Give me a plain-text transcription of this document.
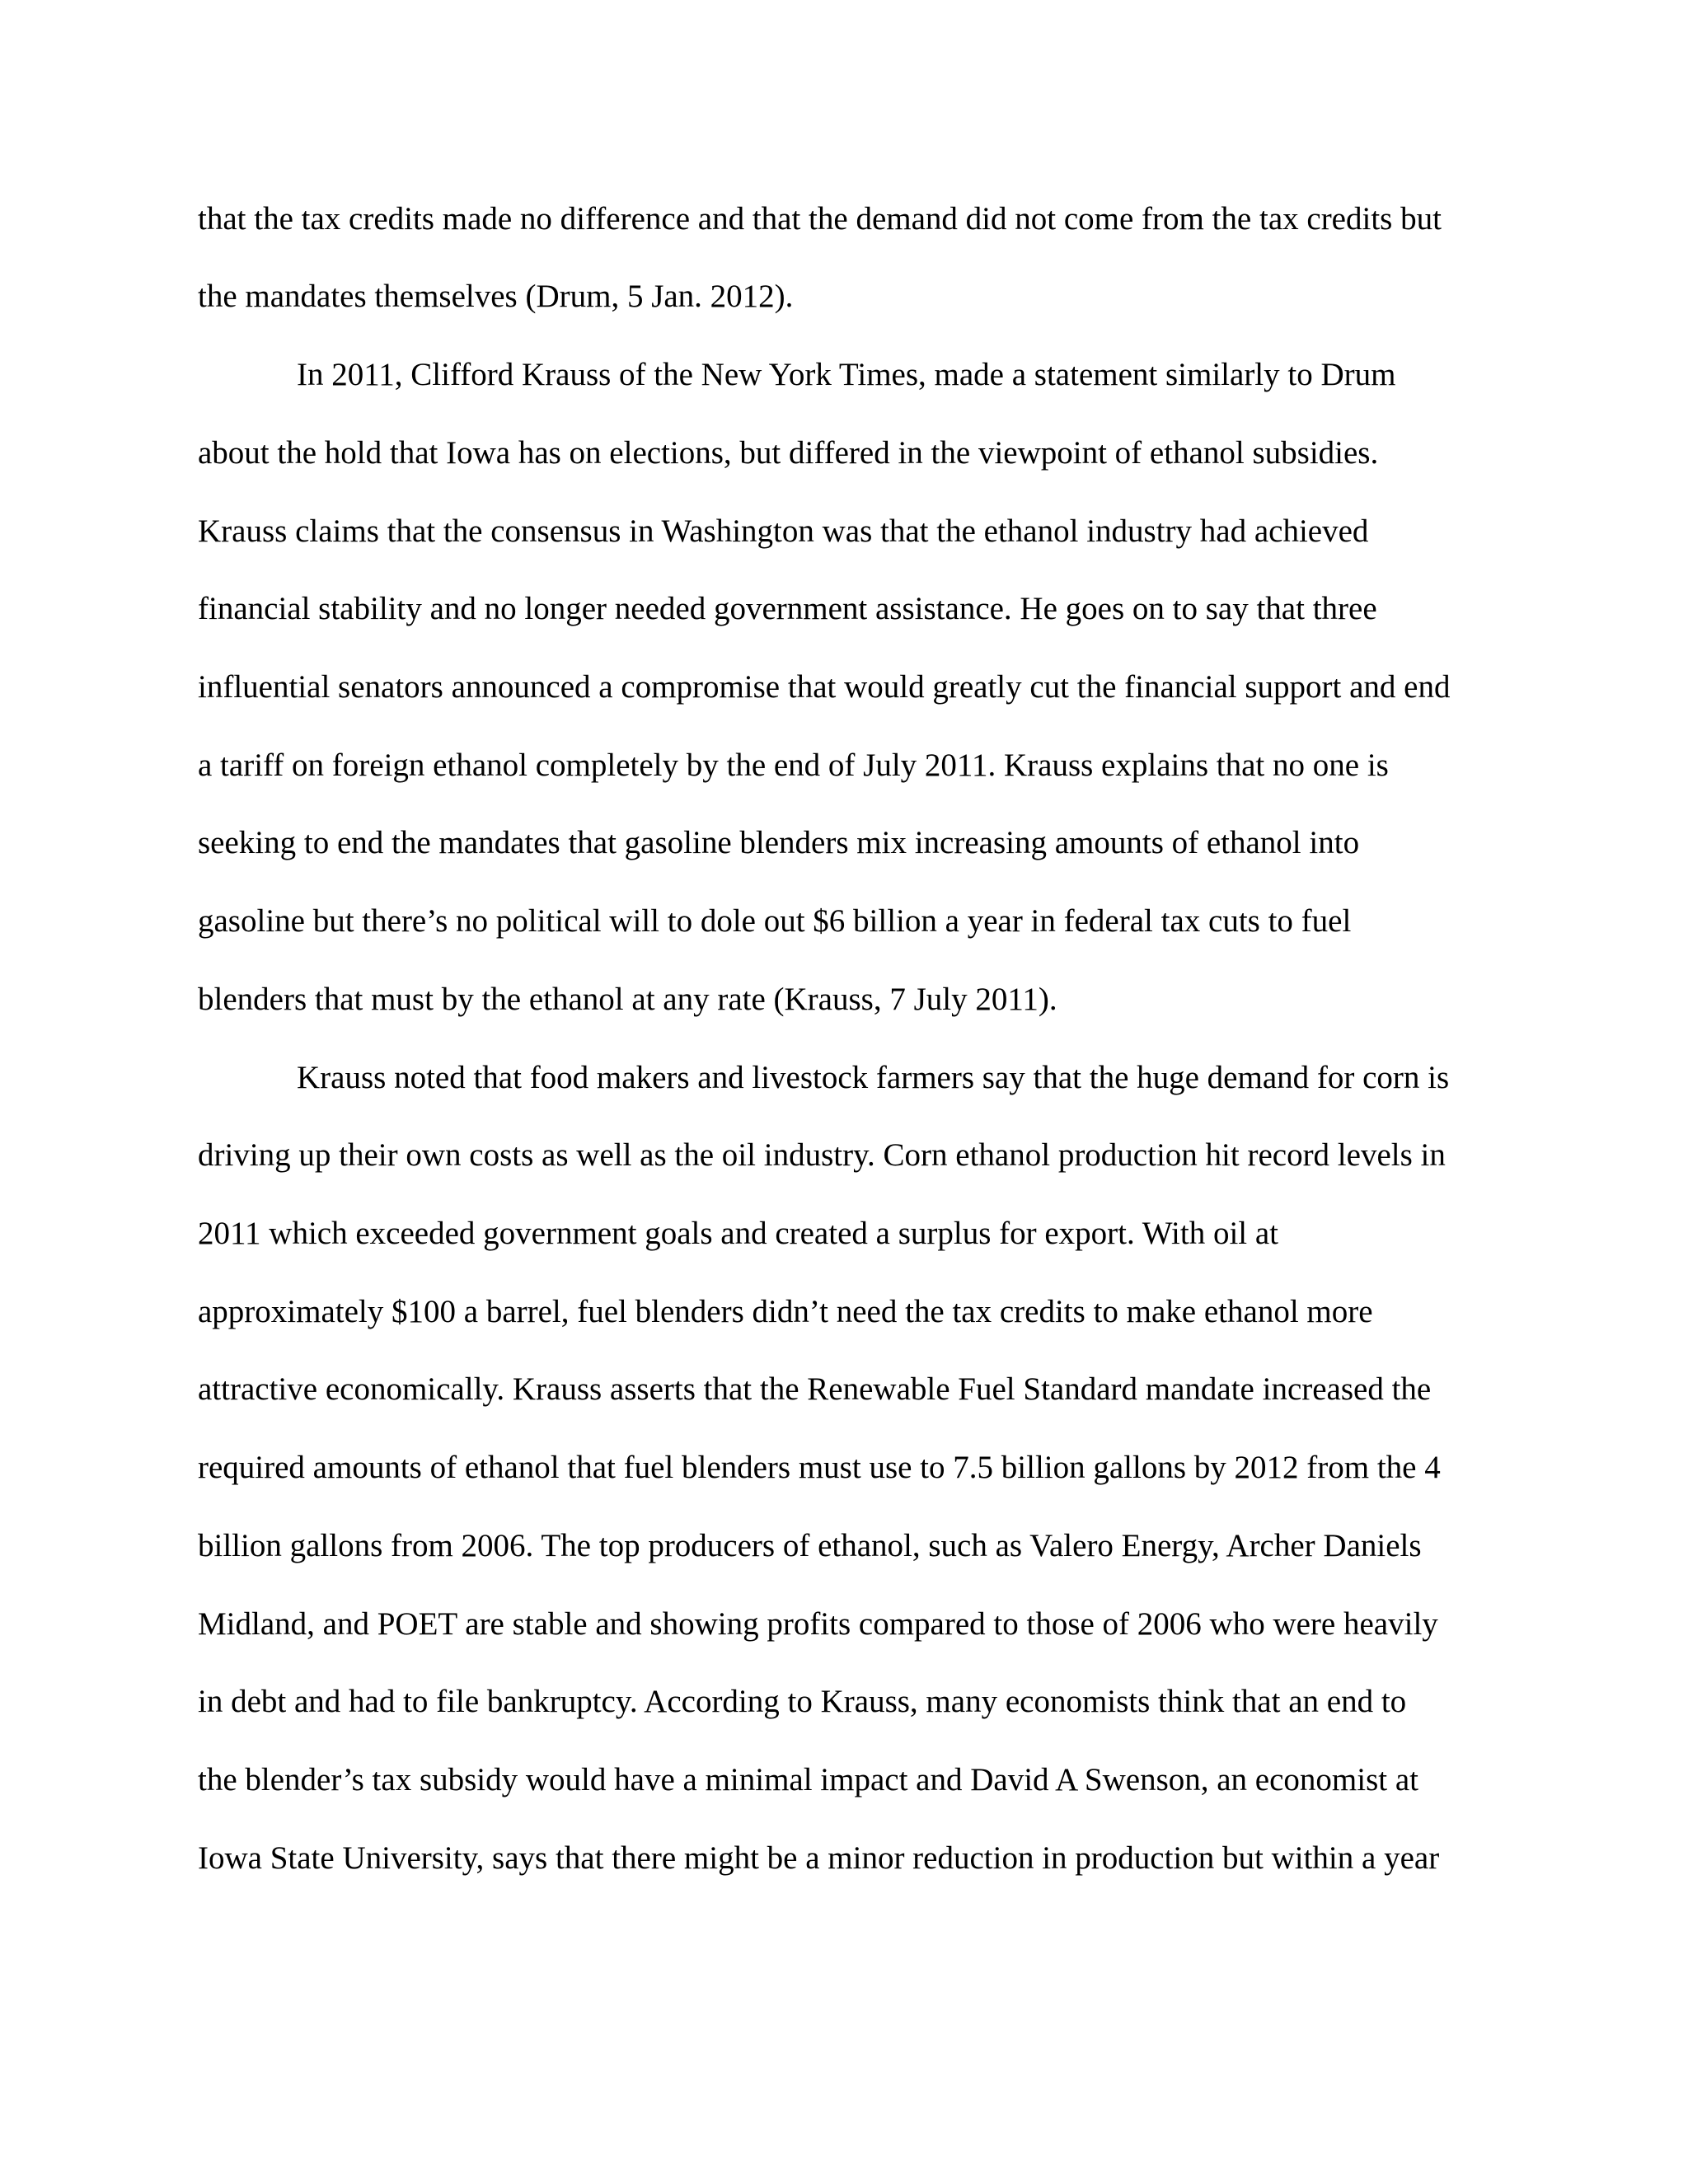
that the tax credits made no difference and that the demand did not come from the tax credits but

the mandates themselves (Drum, 5 Jan. 2012).

In 2011, Clifford Krauss of the New York Times, made a statement similarly to Drum

about the hold that Iowa has on elections, but differed in the viewpoint of ethanol subsidies.

Krauss claims that the consensus in Washington was that the ethanol industry had achieved

financial stability and no longer needed government assistance. He goes on to say that three

influential senators announced a compromise that would greatly cut the financial support and end

a tariff on foreign ethanol completely by the end of July 2011. Krauss explains that no one is

seeking to end the mandates that gasoline blenders mix increasing amounts of ethanol into

gasoline but there’s no political will to dole out $6 billion a year in federal tax cuts to fuel

blenders that must by the ethanol at any rate (Krauss, 7 July 2011).

Krauss noted that food makers and livestock farmers say that the huge demand for corn is

driving up their own costs as well as the oil industry. Corn ethanol production hit record levels in

2011 which exceeded government goals and created a surplus for export. With oil at

approximately $100 a barrel, fuel blenders didn’t need the tax credits to make ethanol more

attractive economically. Krauss asserts that the Renewable Fuel Standard mandate increased the

required amounts of ethanol that fuel blenders must use to 7.5 billion gallons by 2012 from the 4

billion gallons from 2006. The top producers of ethanol, such as Valero Energy, Archer Daniels

Midland, and POET are stable and showing profits compared to those of 2006 who were heavily

in debt and had to file bankruptcy. According to Krauss, many economists think that an end to

the blender’s tax subsidy would have a minimal impact and David A Swenson, an economist at

Iowa State University, says that there might be a minor reduction in production but within a year
